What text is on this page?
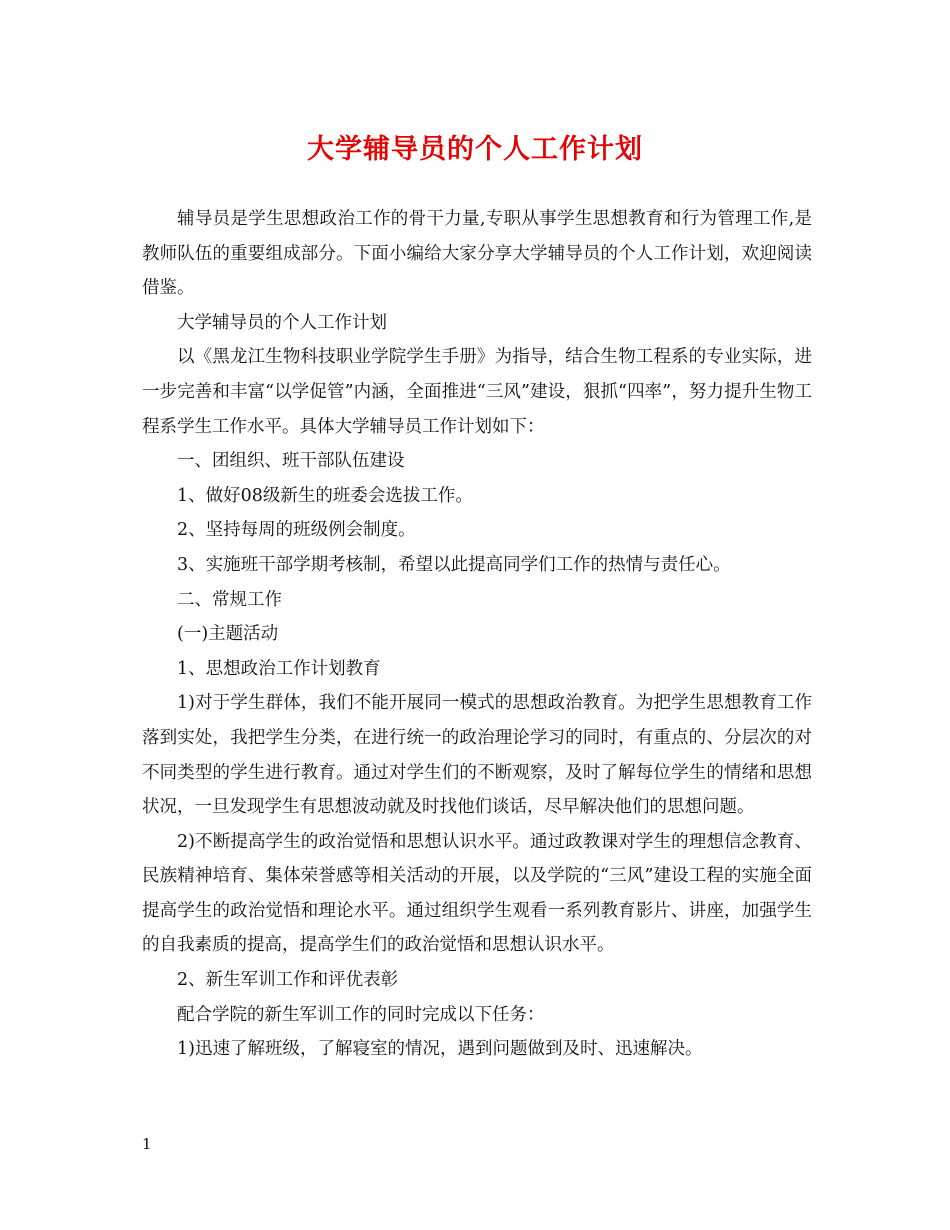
大学辅导员的个人工作计划

辅导员是学生思想政治工作的骨干力量,专职从事学生思想教育和行为管理工作,是教师队伍的重要组成部分。下面小编给大家分享大学辅导员的个人工作计划，欢迎阅读借鉴。

大学辅导员的个人工作计划

以《黑龙江生物科技职业学院学生手册》为指导，结合生物工程系的专业实际，进一步完善和丰富“以学促管”内涵，全面推进“三风”建设，狠抓“四率”，努力提升生物工程系学生工作水平。具体大学辅导员工作计划如下：

一、团组织、班干部队伍建设

1、做好08级新生的班委会选拔工作。

2、坚持每周的班级例会制度。

3、实施班干部学期考核制，希望以此提高同学们工作的热情与责任心。

二、常规工作

(一)主题活动

1、思想政治工作计划教育

1)对于学生群体，我们不能开展同一模式的思想政治教育。为把学生思想教育工作落到实处，我把学生分类，在进行统一的政治理论学习的同时，有重点的、分层次的对不同类型的学生进行教育。通过对学生们的不断观察，及时了解每位学生的情绪和思想状况，一旦发现学生有思想波动就及时找他们谈话，尽早解决他们的思想问题。

2)不断提高学生的政治觉悟和思想认识水平。通过政教课对学生的理想信念教育、民族精神培育、集体荣誉感等相关活动的开展，以及学院的“三风”建设工程的实施全面提高学生的政治觉悟和理论水平。通过组织学生观看一系列教育影片、讲座，加强学生的自我素质的提高，提高学生们的政治觉悟和思想认识水平。

2、新生军训工作和评优表彰

配合学院的新生军训工作的同时完成以下任务：

1)迅速了解班级，了解寝室的情况，遇到问题做到及时、迅速解决。

1
